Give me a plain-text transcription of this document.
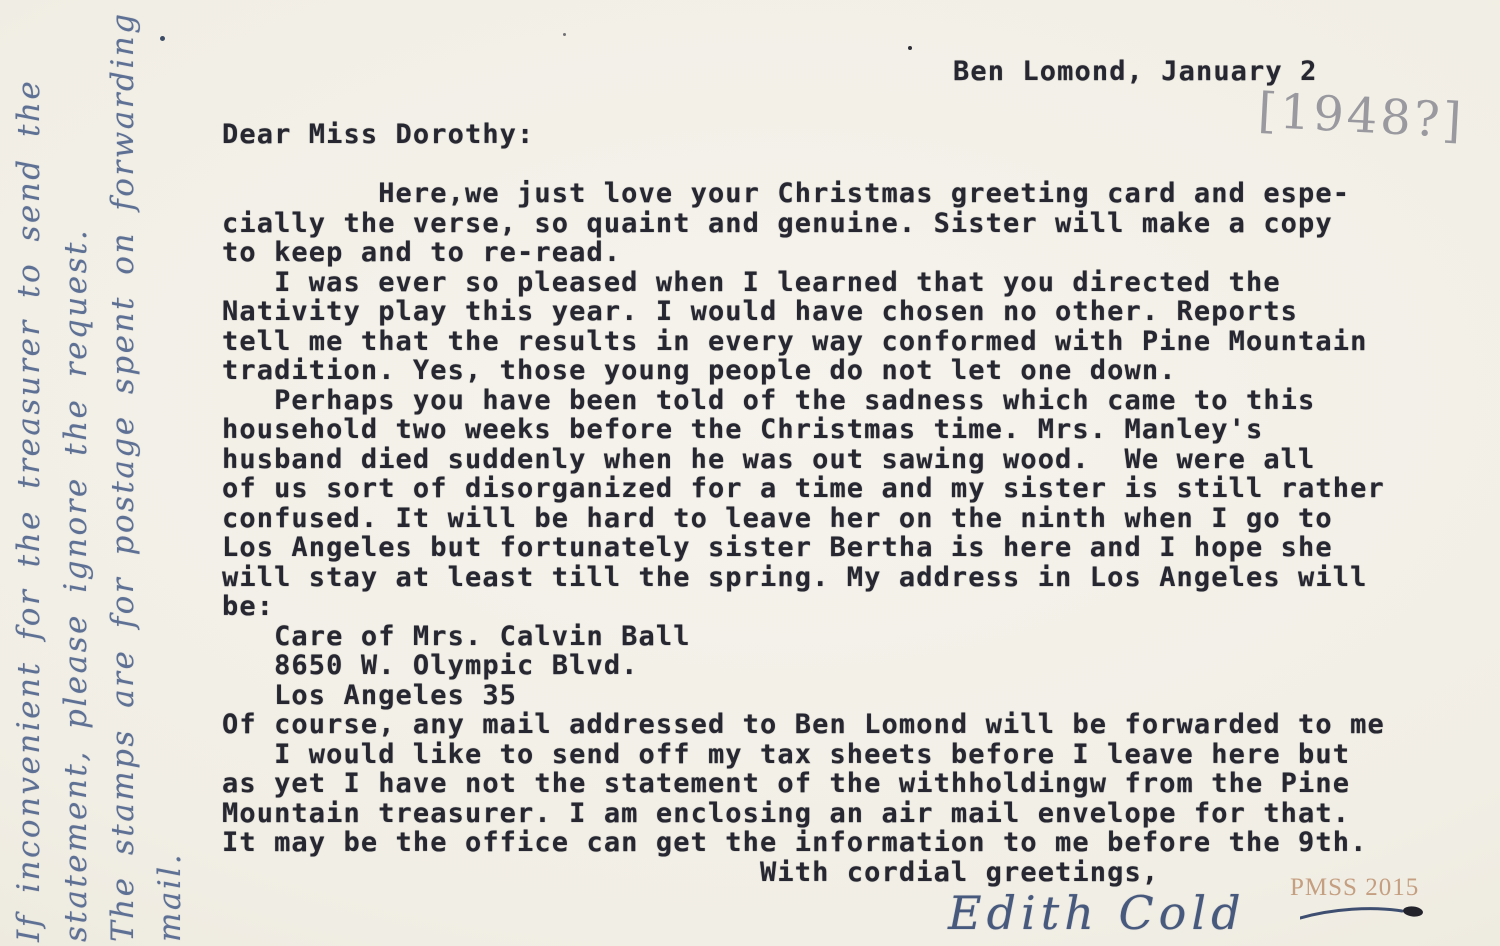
If inconvenient for the treasurer to send the statement, please ignore the request. The stamps are for postage spent on forwarding mail.
Ben Lomond, January 2
[1948?]
Dear Miss Dorothy:

Here,we just love your Christmas greeting card and espe-
cially the verse, so quaint and genuine. Sister will make a copy
to keep and to re-read.
I was ever so pleased when I learned that you directed the
Nativity play this year. I would have chosen no other. Reports
tell me that the results in every way conformed with Pine Mountain
tradition. Yes, those young people do not let one down.
Perhaps you have been told of the sadness which came to this
household two weeks before the Christmas time. Mrs. Manley's
husband died suddenly when he was out sawing wood.  We were all
of us sort of disorganized for a time and my sister is still rather
confused. It will be hard to leave her on the ninth when I go to
Los Angeles but fortunately sister Bertha is here and I hope she
will stay at least till the spring. My address in Los Angeles will
be:
Care of Mrs. Calvin Ball
8650 W. Olympic Blvd.
Los Angeles 35
Of course, any mail addressed to Ben Lomond will be forwarded to me
I would like to send off my tax sheets before I leave here but
as yet I have not the statement of the withholdingw from the Pine
Mountain treasurer. I am enclosing an air mail envelope for that.
It may be the office can get the information to me before the 9th.
With cordial greetings,
Edith Cold PMSS 2015
